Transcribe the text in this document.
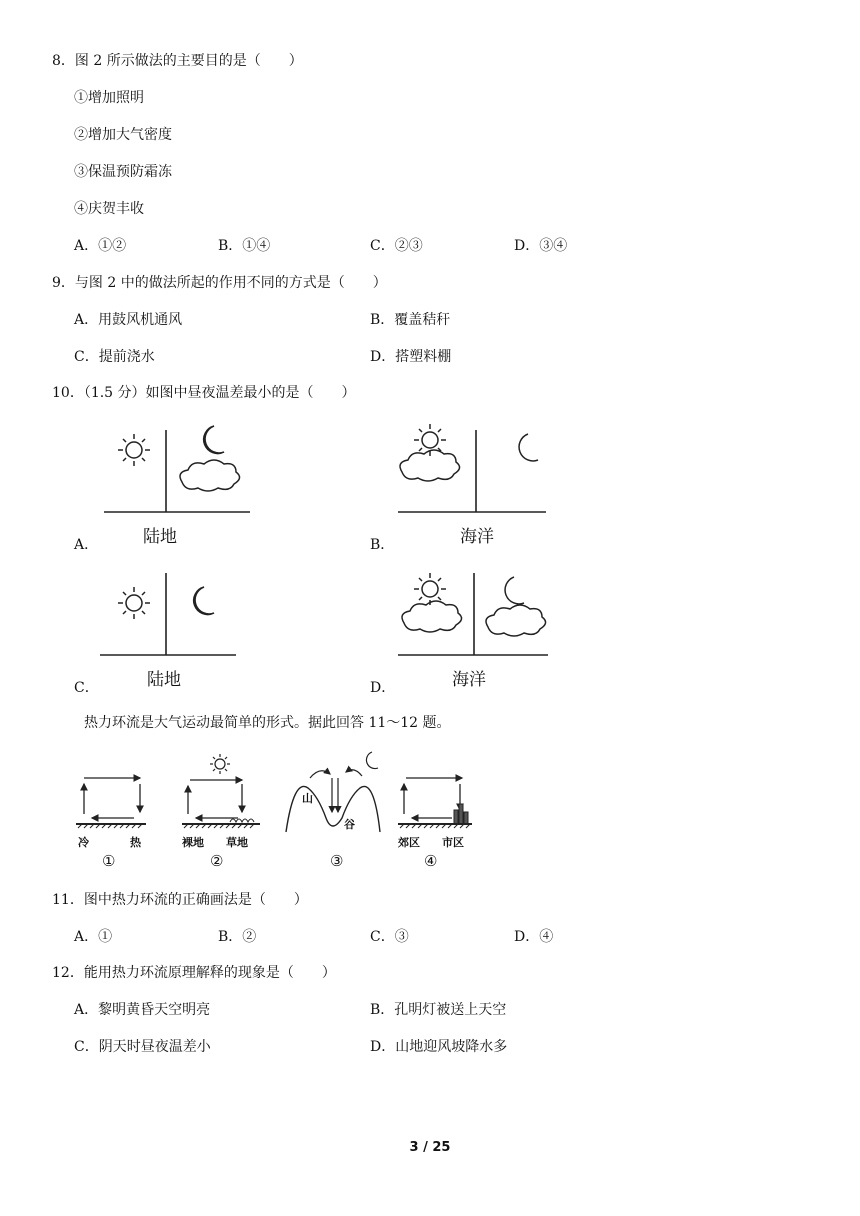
8．图 2 所示做法的主要目的是（　　）
①增加照明
②增加大气密度
③保温预防霜冻
④庆贺丰收
A．①②	B．①④	C．②③	D．③④
9．与图 2 中的做法所起的作用不同的方式是（　　）
A．用鼓风机通风	B．覆盖秸秆
C．提前浇水	D．搭塑料棚
10．（1.5 分）如图中昼夜温差最小的是（　　）
A．	陆地	B．	海洋
C．	陆地	D．	海洋
热力环流是大气运动最简单的形式。据此回答 11～12 题。
冷	热
①
裸地 草地
②
山
谷
③
郊区 市区
④
11．图中热力环流的正确画法是（　　）
A．①	B．②	C．③	D．④
12．能用热力环流原理解释的现象是（　　）
A．黎明黄昏天空明亮	B．孔明灯被送上天空
C．阴天时昼夜温差小	D．山地迎风坡降水多
3 / 25
